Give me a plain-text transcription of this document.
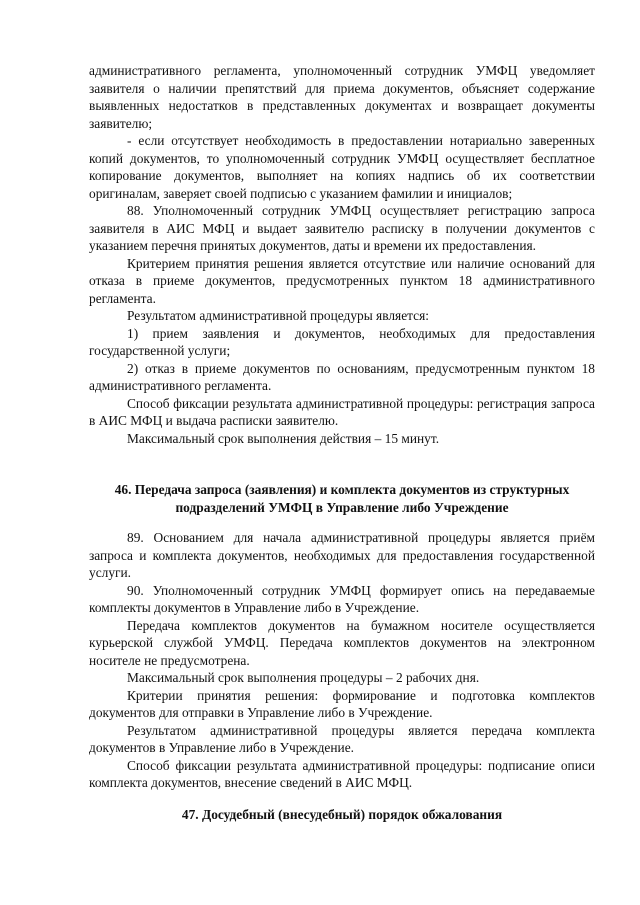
административного регламента, уполномоченный сотрудник УМФЦ уведомляет заявителя о наличии препятствий для приема документов, объясняет содержание выявленных недостатков в представленных документах и возвращает документы заявителю;

- если отсутствует необходимость в предоставлении нотариально заверенных копий документов, то уполномоченный сотрудник УМФЦ осуществляет бесплатное копирование документов, выполняет на копиях надпись об их соответствии оригиналам, заверяет своей подписью с указанием фамилии и инициалов;

88. Уполномоченный сотрудник УМФЦ осуществляет регистрацию запроса заявителя в АИС МФЦ и выдает заявителю расписку в получении документов с указанием перечня принятых документов, даты и времени их предоставления.

Критерием принятия решения является отсутствие или наличие оснований для отказа в приеме документов, предусмотренных пунктом 18 административного регламента.

Результатом административной процедуры является:

1) прием заявления и документов, необходимых для предоставления государственной услуги;

2) отказ в приеме документов по основаниям, предусмотренным пунктом 18 административного регламента.

Способ фиксации результата административной процедуры: регистрация запроса в АИС МФЦ и выдача расписки заявителю.

Максимальный срок выполнения действия – 15 минут.

46. Передача запроса (заявления) и комплекта документов из структурных подразделений УМФЦ в Управление либо Учреждение

89. Основанием для начала административной процедуры является приём запроса и комплекта документов, необходимых для предоставления государственной услуги.

90. Уполномоченный сотрудник УМФЦ формирует опись на передаваемые комплекты документов в Управление либо в Учреждение.

Передача комплектов документов на бумажном носителе осуществляется курьерской службой УМФЦ. Передача комплектов документов на электронном носителе не предусмотрена.

Максимальный срок выполнения процедуры – 2 рабочих дня.

Критерии принятия решения: формирование и подготовка комплектов документов для отправки в Управление либо в Учреждение.

Результатом административной процедуры является передача комплекта документов в Управление либо в Учреждение.

Способ фиксации результата административной процедуры: подписание описи комплекта документов, внесение сведений в АИС МФЦ.

47. Досудебный (внесудебный) порядок обжалования
